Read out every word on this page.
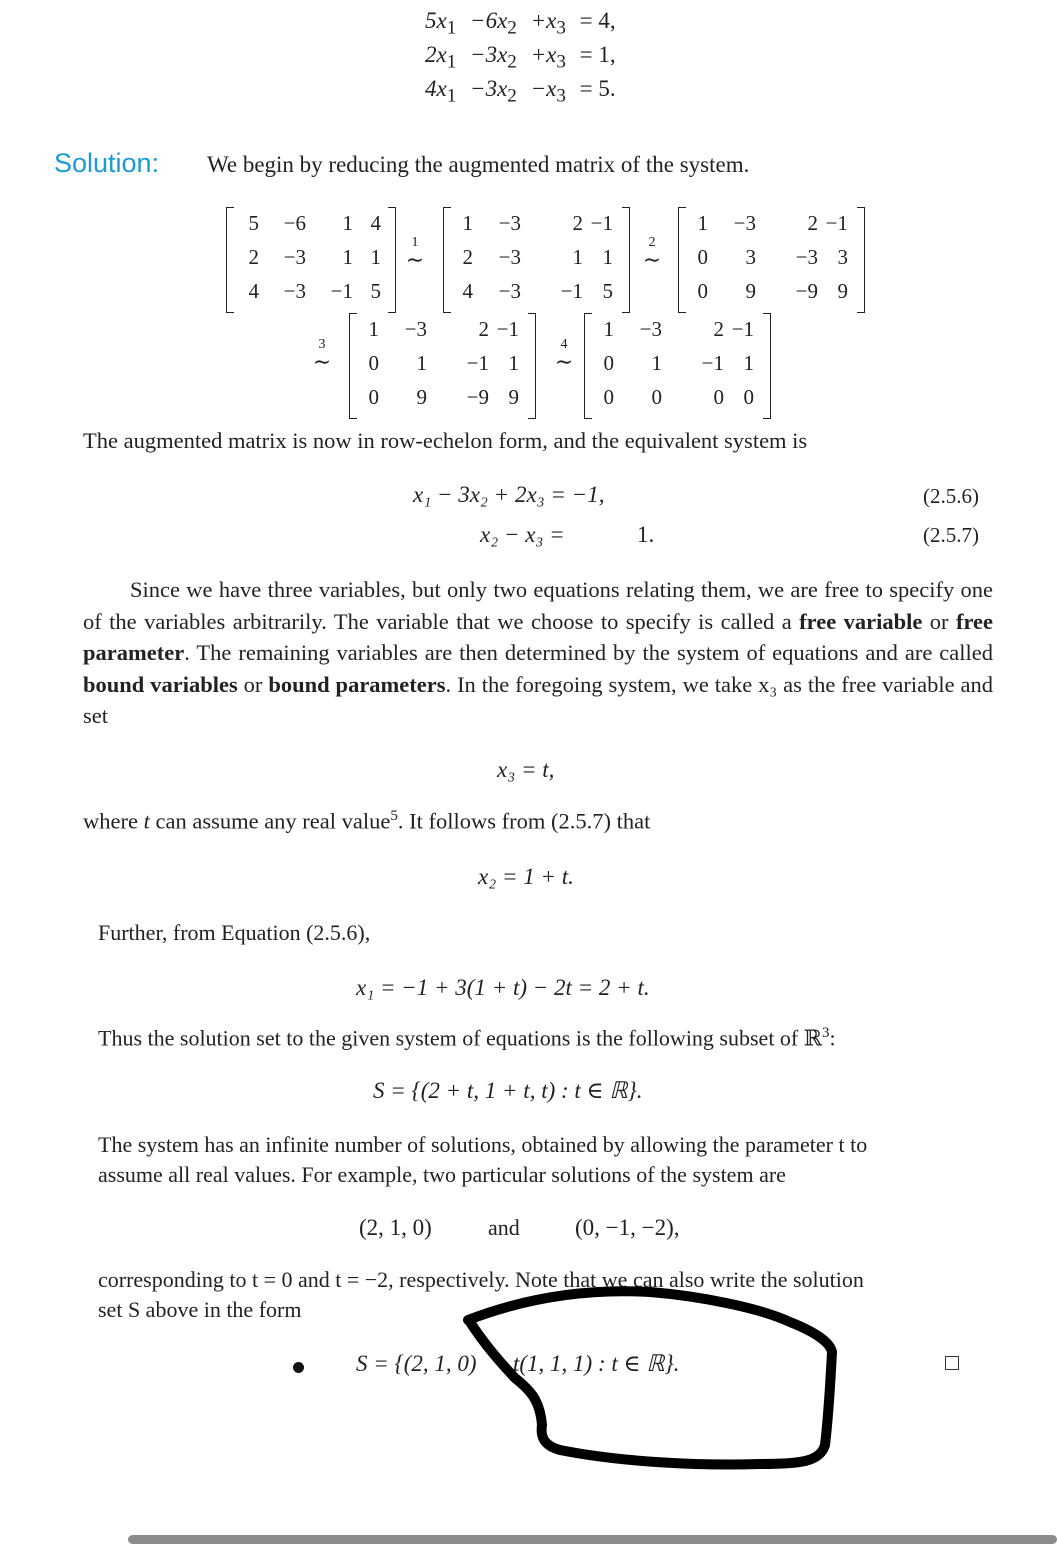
$5x_1 -6x_2 +x_3 = 4$,
$2x_1 -3x_2 +x_3 = 1$,
$4x_1 -3x_2 -x_3 = 5$.
Solution: We begin by reducing the augmented matrix of the system.
5 −6 1 4
2 −3 1 1
4 −3 −1 5
1 −3 2 −1
2 −3 1 1
4 −3 −1 5
1 −3 2 −1
0 3 −3 3
0 9 −9 9
1 −3 2 −1
0 1 −1 1
0 9 −9 9
1 −3 2 −1
0 1 −1 1
0 0 0 0
1
∼
2
∼
3
∼
4
∼
The augmented matrix is now in row-echelon form, and the equivalent system is
x₁ − 3x₂ + 2x₃ = −1,	(2.5.6)
x₂ − x₃ =	1.	(2.5.7)
Since we have three variables, but only two equations relating them, we are free to specify one of the variables arbitrarily. The variable that we choose to specify is called a free variable or free parameter. The remaining variables are then determined by the system of equations and are called bound variables or bound parameters. In the foregoing system, we take x₃ as the free variable and set
x₃ = t,
where t can assume any real value$^5$. It follows from (2.5.7) that
x₂ = 1 + t.
Further, from Equation (2.5.6),
x₁ = −1 + 3(1 + t) − 2t = 2 + t.
Thus the solution set to the given system of equations is the following subset of ℝ$^3$:
S = {(2 + t, 1 + t, t) : t ∈ ℝ}.
The system has an infinite number of solutions, obtained by allowing the parameter t to
assume all real values. For example, two particular solutions of the system are
(2, 1, 0)	and (0, −1, −2),
corresponding to t = 0 and t = −2, respectively. Note that we can also write the solution
set S above in the form
S = {(2, 1, 0) t(1, 1, 1) : t ∈ ℝ}.
